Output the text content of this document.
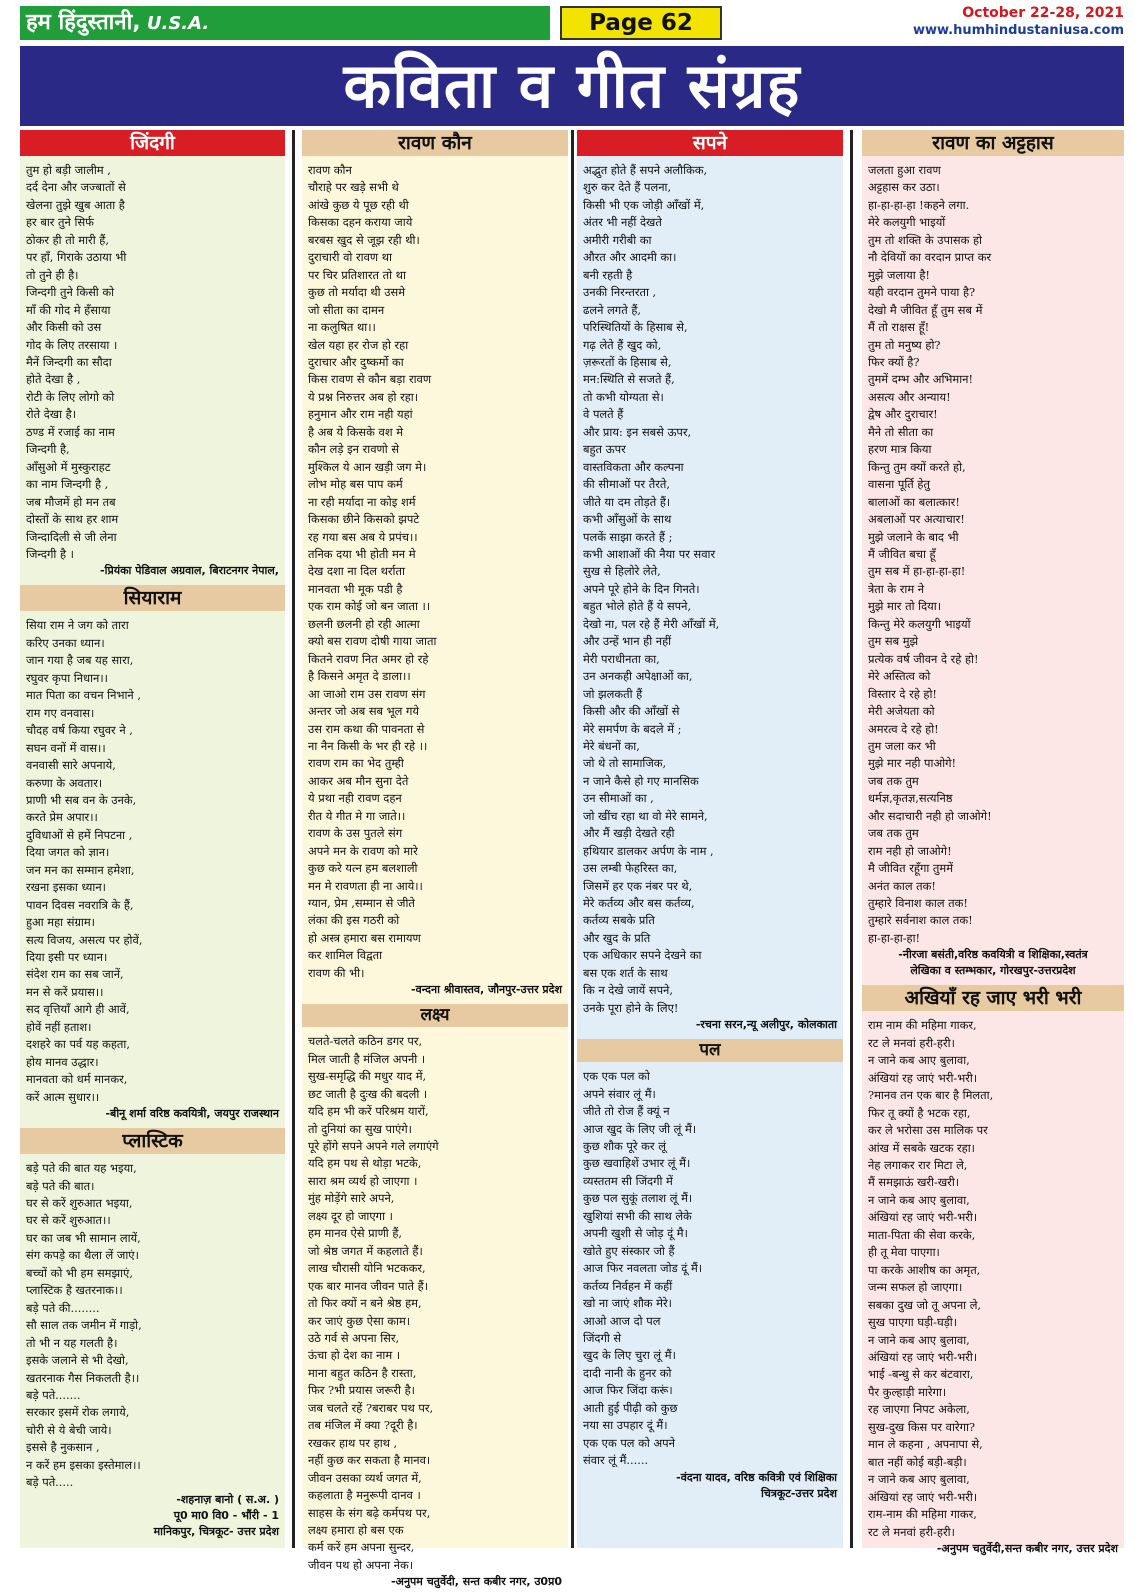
हम हिंदुस्तानी, U.S.A.	Page 62	October 22-28, 2021
www.humhindustaniusa.com
कविता व गीत संग्रह
जिंदगी
तुम हो बड़ी जालीम ,
दर्द देना और जज्बातों से
खेलना तुझे खुब आता है
हर बार तुने सिर्फ
ठोकर ही तो मारी हैं,
पर हाँ, गिराके उठाया भी
तो तुने ही है।
जिन्दगी तुने किसी को
माँ की गोद मे हँसाया
और किसी को उस
गोद के लिए तरसाया ।
मैनें जिन्दगी का सौदा
होते देखा है ,
रोटी के लिए लोगो को
रोते देखा है।
ठण्ड में रजाई का नाम
जिन्दगी है,
आँसुओ में मुस्कुराहट
का नाम जिन्दगी है ,
जब मौजमें हो मन तब
दोस्तों के साथ हर शाम
जिन्दादिली से जी लेना
जिन्दगी है ।
-प्रियंका पेडिवाल अग्रवाल, बिराटनगर नेपाल,
सियाराम
सिया राम ने जग को तारा
करिए उनका ध्यान।
जान गया है जब यह सारा,
रघुवर कृपा निधान।।
मात पिता का वचन निभाने ,
राम गए वनवास।
चौदह वर्ष किया रघुवर ने ,
सघन वनों में वास।।
वनवासी सारे अपनाये,
करुणा के अवतार।
प्राणी भी सब वन के उनके,
करते प्रेम अपार।।
दुविधाओं से हमें निपटना ,
दिया जगत को ज्ञान।
जन मन का सम्मान हमेशा,
रखना इसका ध्यान।
पावन दिवस नवरात्रि के हैं,
हुआ महा संग्राम।
सत्य विजय, असत्य पर होवें,
दिया इसी पर ध्यान।
संदेश राम का सब जानें,
मन से करें प्रयास।।
सद वृत्तियाँ आगे ही आवें,
होवें नहीं हताश।
दशहरे का पर्व यह कहता,
होय मानव उद्धार।
मानवता को धर्म मानकर,
करें आत्म सुधार।।
-बीनू शर्मा वरिष्ठ कवयित्री, जयपुर राजस्थान
प्लास्टिक
बड़े पते की बात यह भइया,
बड़े पते की बात।
घर से करें शुरुआत भइया,
घर से करें शुरुआत।।
घर का जब भी सामान लायें,
संग कपड़े का थैला लें जाएं।
बच्चों को भी हम समझाएं,
प्लास्टिक है खतरनाक।।
बड़े पते की........
सौ साल तक जमीन में गाड़ो,
तो भी न यह गलती है।
इसके जलाने से भी देखो,
खतरनाक गैस निकलती है।।
बड़े पते.......
सरकार इसमें रोक लगाये,
चोरी से ये बेची जाये।
इससे है नुकसान ,
न करें हम इसका इस्तेमाल।।
बड़े पते.....
-शहनाज़ बानो ( स.अ. )
पू0 मा0 वि0 - भौंरी - 1
मानिकपुर, चित्रकूट- उत्तर प्रदेश
रावण कौन
रावण कौन
चौराहे पर खड़े सभी थे
आंखे कुछ ये पूछ रही थी
किसका दहन कराया जाये
बरबस खुद से जूझ रही थी।
दुराचारी वो रावण था
पर चिर प्रतिशारत तो था
कुछ तो मर्यादा थी उसमे
जो सीता का दामन
ना कलुषित था।।
खेल यहा हर रोज हो रहा
दुराचार और दुष्कर्मो का
किस रावण से कौन बड़ा रावण
ये प्रश्न निरुत्तर अब हो रहा।
हनुमान और राम नही यहां
है अब ये किसके वश मे
कौन लड़े इन रावणो से
मुश्किल ये आन खड़ी जग मे।
लोभ मोह बस पाप कर्म
ना रही मर्यादा ना कोइ शर्म
किसका छीने किसको झपटे
रह गया बस अब ये प्रपंच।।
तनिक दया भी होती मन मे
देख दशा ना दिल थर्राता
मानवता भी मूक पडी है
एक राम कोई जो बन जाता ।।
छलनी छलनी हो रही आत्मा
क्यो बस रावण दोषी गाया जाता
कितने रावण नित अमर हो रहे
है किसने अमृत दे डाला।।
आ जाओ राम उस रावण संग
अन्तर जो अब सब भूल गये
उस राम कथा की पावनता से
ना नैन किसी के भर ही रहे ।।
रावण राम का भेद तुम्ही
आकर अब मौन सुना देते
ये प्रथा नही रावण दहन
रीत ये गीत मे गा जाते।।
रावण के उस पुतले संग
अपने मन के रावण को मारे
कुछ करे यत्न हम बलशाली
मन मे रावणता ही ना आये।।
ग्यान, प्रेम ,सम्मान से जीते
लंका की इस गठरी को
हो अस्त्र हमारा बस रामायण
कर शामिल विद्वता
रावण की भी।
-वन्दना श्रीवास्तव, जौनपुर-उत्तर प्रदेश
लक्ष्य
चलते-चलते कठिन डगर पर,
मिल जाती है मंजिल अपनी ।
सुख-समृद्धि की मधुर याद में,
छट जाती है दुःख की बदली ।
यदि हम भी करें परिश्रम यारों,
तो दुनियां का सुख पाएंगे।
पूरे होंगे सपने अपने गले लगाएंगे
यदि हम पथ से थोड़ा भटके,
सारा श्रम व्यर्थ हो जाएगा ।
मुंह मोड़ेंगे सारे अपने,
लक्ष्य दूर हो जाएगा ।
हम मानव ऐसे प्राणी हैं,
जो श्रेष्ठ जगत में कहलाते हैं।
लाख चौरासी योनि भटककर,
एक बार मानव जीवन पाते हैं।
तो फिर क्यों न बने श्रेष्ठ हम,
कर जाएं कुछ ऐसा काम।
उठे गर्व से अपना सिर,
ऊंचा हो देश का नाम ।
माना बहुत कठिन है रास्ता,
फिर ?भी प्रयास जरूरी है।
जब चलते रहें ?बराबर पथ पर,
तब मंजिल में क्या ?दूरी है।
रखकर हाथ पर हाथ ,
नहीं कुछ कर सकता है मानव।
जीवन उसका व्यर्थ जगत में,
कहलाता है मनुरूपी दानव ।
साहस के संग बढ़े कर्मपथ पर,
लक्ष्य हमारा हो बस एक
कर्म करें हम अपना सुन्दर,
जीवन पथ हो अपना नेक।
-अनुपम चतुर्वेदी, सन्त कबीर नगर, उ0प्र0
सपने
अद्भुत होते हैं सपने अलौकिक,
शुरु कर देते हैं पलना,
किसी भी एक जोड़ी आँखों में,
अंतर भी नहीं देखते
अमीरी गरीबी का
औरत और आदमी का।
बनी रहती है
उनकी निरन्तरता ,
ढलने लगते हैं,
परिस्थितियों के हिसाब से,
गढ़ लेते हैं खुद को,
ज़रूरतों के हिसाब से,
मन:स्थिति से सजते हैं,
तो कभी योग्यता से।
वे पलते हैं
और प्राय: इन सबसे ऊपर,
बहुत ऊपर
वास्तविकता और कल्पना
की सीमाओं पर तैरते,
जीते या दम तोड़ते हैं।
कभी आँसुओं के साथ
पलकें साझा करते हैं ;
कभी आशाओं की नैया पर सवार
सुख से हिलोरे लेते,
अपने पूरे होने के दिन गिनते।
बहुत भोले होते हैं ये सपने,
देखो ना, पल रहे हैं मेरी आँखों में,
और उन्हें भान ही नहीं
मेरी पराधीनता का,
उन अनकही अपेक्षाओं का,
जो झलकती हैं
किसी और की आँखों से
मेरे समर्पण के बदले में ;
मेरे बंधनों का,
जो थे तो सामाजिक,
न जाने कैसे हो गए मानसिक
उन सीमाओं का ,
जो खींच रहा था वो मेरे सामने,
और मैं खड़ी देखते रही
हथियार डालकर अर्पण के नाम ,
उस लम्बी फेहरिस्त का,
जिसमें हर एक नंबर पर थे,
मेरे कर्तव्य और बस कर्तव्य,
कर्तव्य सबके प्रति
और खुद के प्रति
एक अधिकार सपने देखने का
बस एक शर्त के साथ
कि न देखे जायें सपने,
उनके पूरा होने के लिए!
-रचना सरन,न्यू अलीपुर, कोलकाता
पल
एक एक पल को
अपने संवार लूं मैं।
जीते तो रोज हैं क्यूं न
आज खुद के लिए जी लूं मैं।
कुछ शौक पूरे कर लूं
कुछ खवाहिशें उभार लूं मैं।
व्यस्ततम सी जिंदगी में
कुछ पल सुकूं तलाश लूं मैं।
खुशियां सभी की साथ लेके
अपनी खुशी से जोड़ दूं मै।
खोते हुए संस्कार जो हैं
आज फिर नवलता जोड दूं मैं।
कर्तव्य निर्वहन में कहीं
खो ना जाएं शौक मेरे।
आओ आज दो पल
जिंदगी से
खुद के लिए चुरा लूं मैं।
दादी नानी के हुनर को
आज फिर जिंदा करूं।
आती हुई पीढ़ी को कुछ
नया सा उपहार दूं मैं।
एक एक पल को अपने
संवार लूं मैं......
-वंदना यादव, वरिष्ठ कवित्री एवं शिक्षिका
चित्रकूट-उत्तर प्रदेश
रावण का अट्टहास
जलता हुआ रावण
अट्टहास कर उठा।
हा-हा-हा-हा !कहने लगा.
मेरे कलयुगी भाइयों
तुम तो शक्ति के उपासक हो
नौ देवियों का वरदान प्राप्त कर
मुझे जलाया है!
यही वरदान तुमने पाया है?
देखो मै जीवित हूँ तुम सब में
मैं तो राक्षस हूँ!
तुम तो मनुष्य हो?
फिर क्यों है?
तुममें दम्भ और अभिमान!
असत्य और अन्याय!
द्वेष और दुराचार!
मैने तो सीता का
हरण मात्र किया
किन्तु तुम क्यों करते हो,
वासना पूर्ति हेतु
बालाओं का बलात्कार!
अबलाओं पर अत्याचार!
मुझे जलाने के बाद भी
मैं जीवित बचा हूँ
तुम सब में हा-हा-हा-हा!
त्रेता के राम ने
मुझे मार तो दिया।
किन्तु मेरे कलयुगी भाइयों
तुम सब मुझे
प्रत्येक वर्ष जीवन दे रहे हो!
मेरे अस्तित्व को
विस्तार दे रहे हो!
मेरी अजेयता को
अमरत्व दे रहे हो!
तुम जला कर भी
मुझे मार नही पाओगे!
जब तक तुम
धर्मज्ञ,कृतज्ञ,सत्यनिष्ठ
और सदाचारी नही हो जाओगे!
जब तक तुम
राम नही हो जाओगे!
मै जीवित रहूँगा तुममें
अनंत काल तक!
तुम्हारे विनाश काल तक!
तुम्हारे सर्वनाश काल तक!
हा-हा-हा-हा!
-नीरजा बसंती,वरिष्ठ कवयित्री व शिक्षिका,स्वतंत्र
लेखिका व स्तम्भकार, गोरखपुर-उत्तरप्रदेश
अखियाँ रह जाए भरी भरी
राम नाम की महिमा गाकर,
रट ले मनवां हरी-हरी।
न जाने कब आए बुलावा,
अंखियां रह जाएं भरी-भरी।
?मानव तन एक बार है मिलता,
फिर तू क्यों है भटक रहा,
कर ले भरोसा उस मालिक पर
आंख में सबके खटक रहा।
नेह लगाकर रार मिटा ले,
मैं समझाऊं खरी-खरी।
न जाने कब आए बुलावा,
अंखियां रह जाएं भरी-भरी।
माता-पिता की सेवा करके,
ही तू मेवा पाएगा।
पा करके आशीष का अमृत,
जन्म सफल हो जाएगा।
सबका दुख जो तू अपना ले,
सुख पाएगा घड़ी-घड़ी।
न जाने कब आए बुलावा,
अंखियां रह जाएं भरी-भरी।
भाई -बन्धु से कर बंटवारा,
पैर कुल्हाड़ी मारेगा।
रह जाएगा निपट अकेला,
सुख-दुख किस पर वारेगा?
मान ले कहना , अपनापा से,
बात नहीं कोई बड़ी-बड़ी।
न जाने कब आए बुलावा,
अंखियां रह जाएं भरी-भरी।
राम-नाम की महिमा गाकर,
रट ले मनवां हरी-हरी।
-अनुपम चतुर्वेदी,सन्त कबीर नगर, उत्तर प्रदेश
